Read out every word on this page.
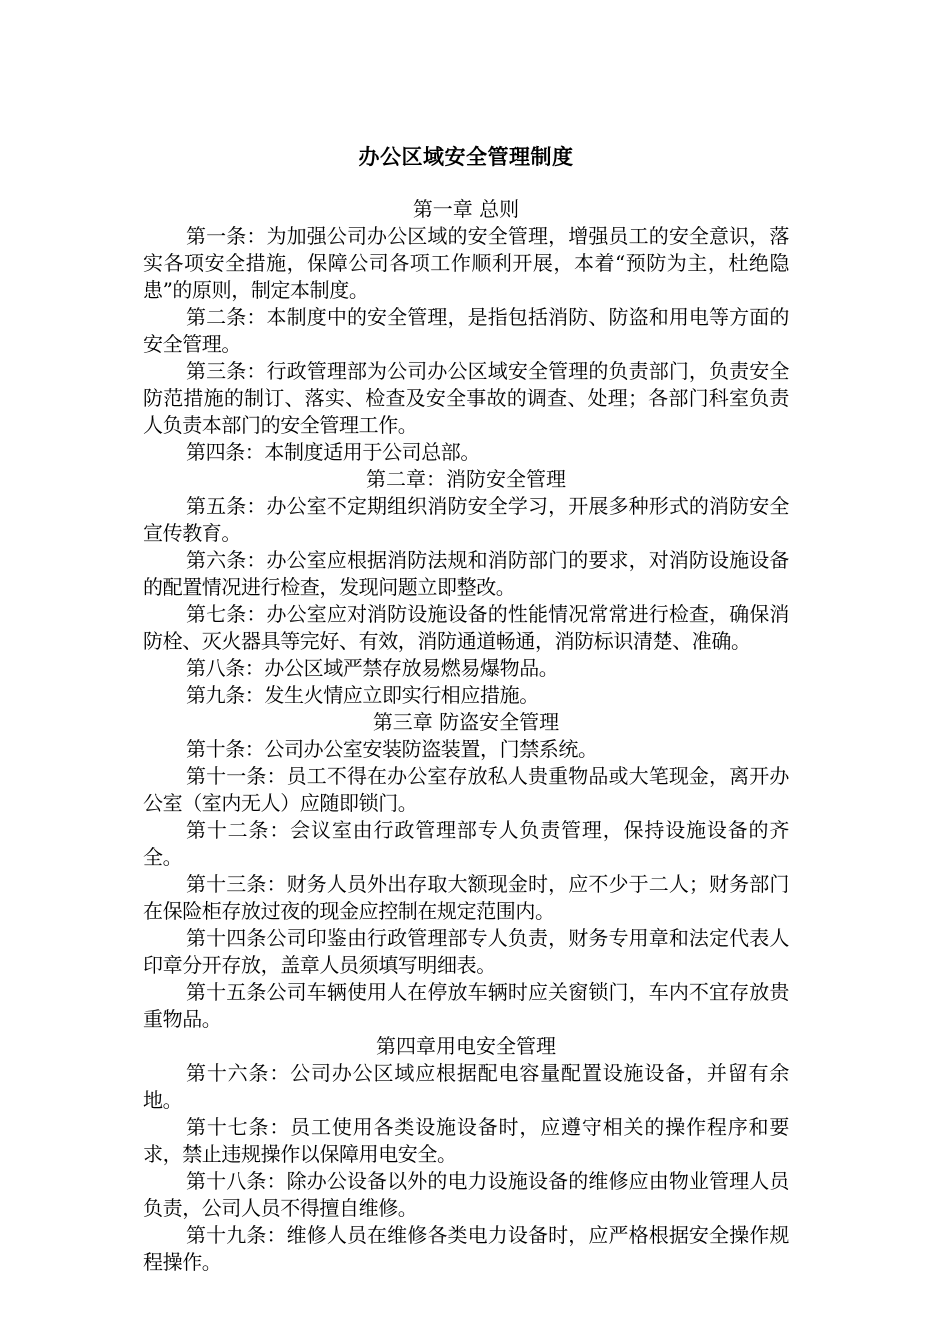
办公区域安全管理制度

第一章 总则

第一条：为加强公司办公区域的安全管理，增强员工的安全意识，落实各项安全措施，保障公司各项工作顺利开展，本着“预防为主，杜绝隐患”的原则，制定本制度。

第二条：本制度中的安全管理，是指包括消防、防盗和用电等方面的安全管理。

第三条：行政管理部为公司办公区域安全管理的负责部门，负责安全防范措施的制订、落实、检查及安全事故的调查、处理；各部门科室负责人负责本部门的安全管理工作。

第四条：本制度适用于公司总部。

第二章：消防安全管理

第五条：办公室不定期组织消防安全学习，开展多种形式的消防安全宣传教育。

第六条：办公室应根据消防法规和消防部门的要求，对消防设施设备的配置情况进行检查，发现问题立即整改。

第七条：办公室应对消防设施设备的性能情况常常进行检查，确保消防栓、灭火器具等完好、有效，消防通道畅通，消防标识清楚、准确。

第八条：办公区域严禁存放易燃易爆物品。

第九条：发生火情应立即实行相应措施。

第三章 防盗安全管理

第十条：公司办公室安装防盗装置，门禁系统。

第十一条：员工不得在办公室存放私人贵重物品或大笔现金，离开办公室（室内无人）应随即锁门。

第十二条：会议室由行政管理部专人负责管理，保持设施设备的齐全。

第十三条：财务人员外出存取大额现金时，应不少于二人；财务部门在保险柜存放过夜的现金应控制在规定范围内。

第十四条公司印鉴由行政管理部专人负责，财务专用章和法定代表人印章分开存放，盖章人员须填写明细表。

第十五条公司车辆使用人在停放车辆时应关窗锁门，车内不宜存放贵重物品。

第四章用电安全管理

第十六条：公司办公区域应根据配电容量配置设施设备，并留有余地。

第十七条：员工使用各类设施设备时，应遵守相关的操作程序和要求，禁止违规操作以保障用电安全。

第十八条：除办公设备以外的电力设施设备的维修应由物业管理人员负责，公司人员不得擅自维修。

第十九条：维修人员在维修各类电力设备时，应严格根据安全操作规程操作。
